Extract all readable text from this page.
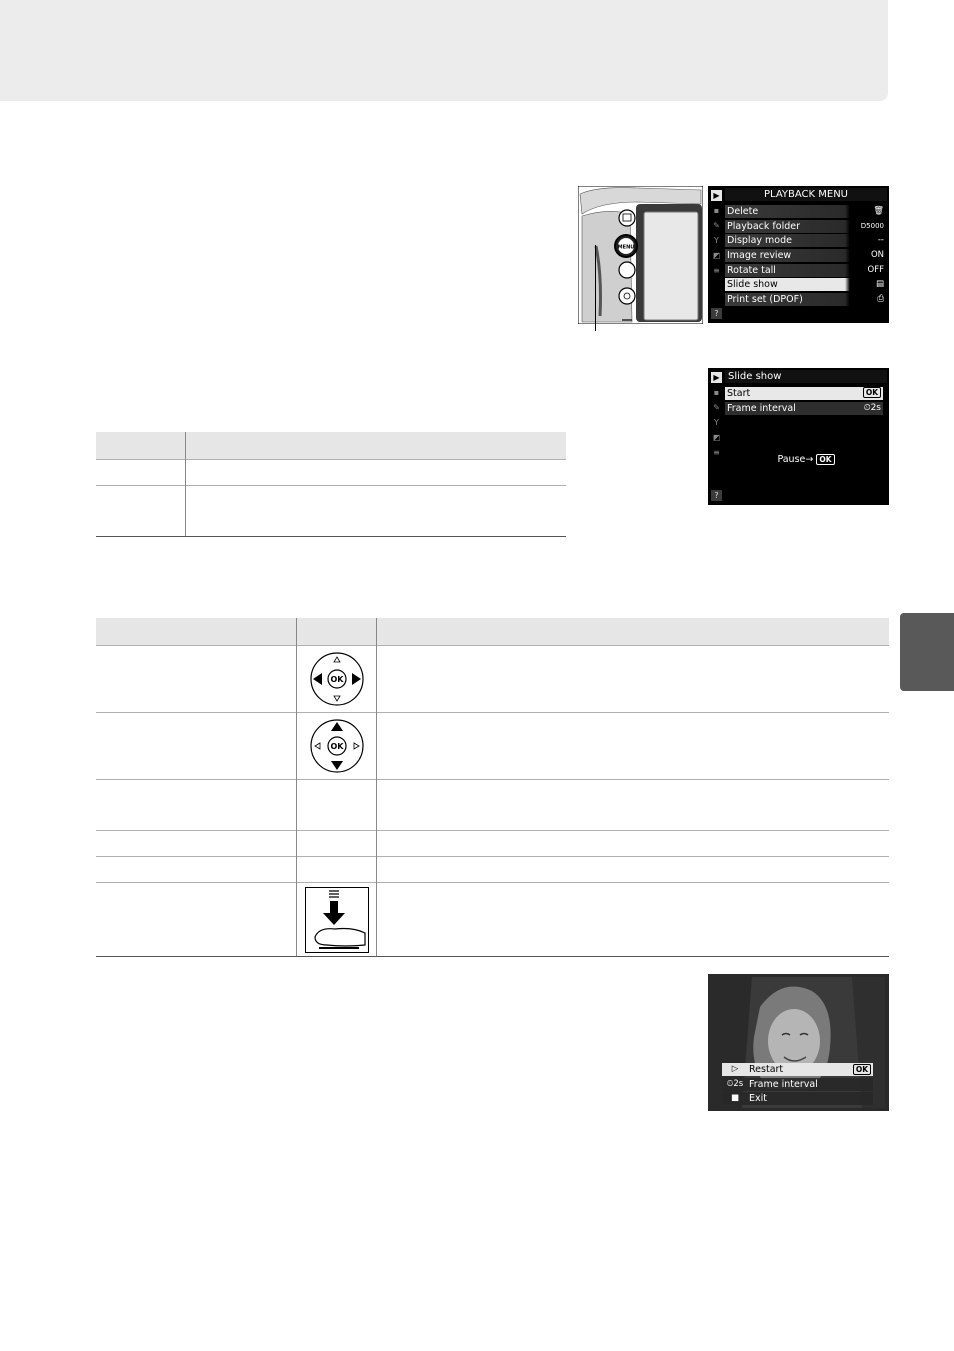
MENU
▶
▪
✎
Y
◩
≡
?
PLAYBACK MENU
Delete	🗑
Playback folder	D5000
Display mode	--
Image review	ON
Rotate tall	OFF
Slide show	▤
Print set (DPOF)	⎙
▶
▪
✎
Y
◩
≡
?
Slide show
Start	OK
Frame interval	⏲2s
Pause→ OK

OK	

OK	

▷	Restart	OK
⏲2s Frame interval
■	Exit
